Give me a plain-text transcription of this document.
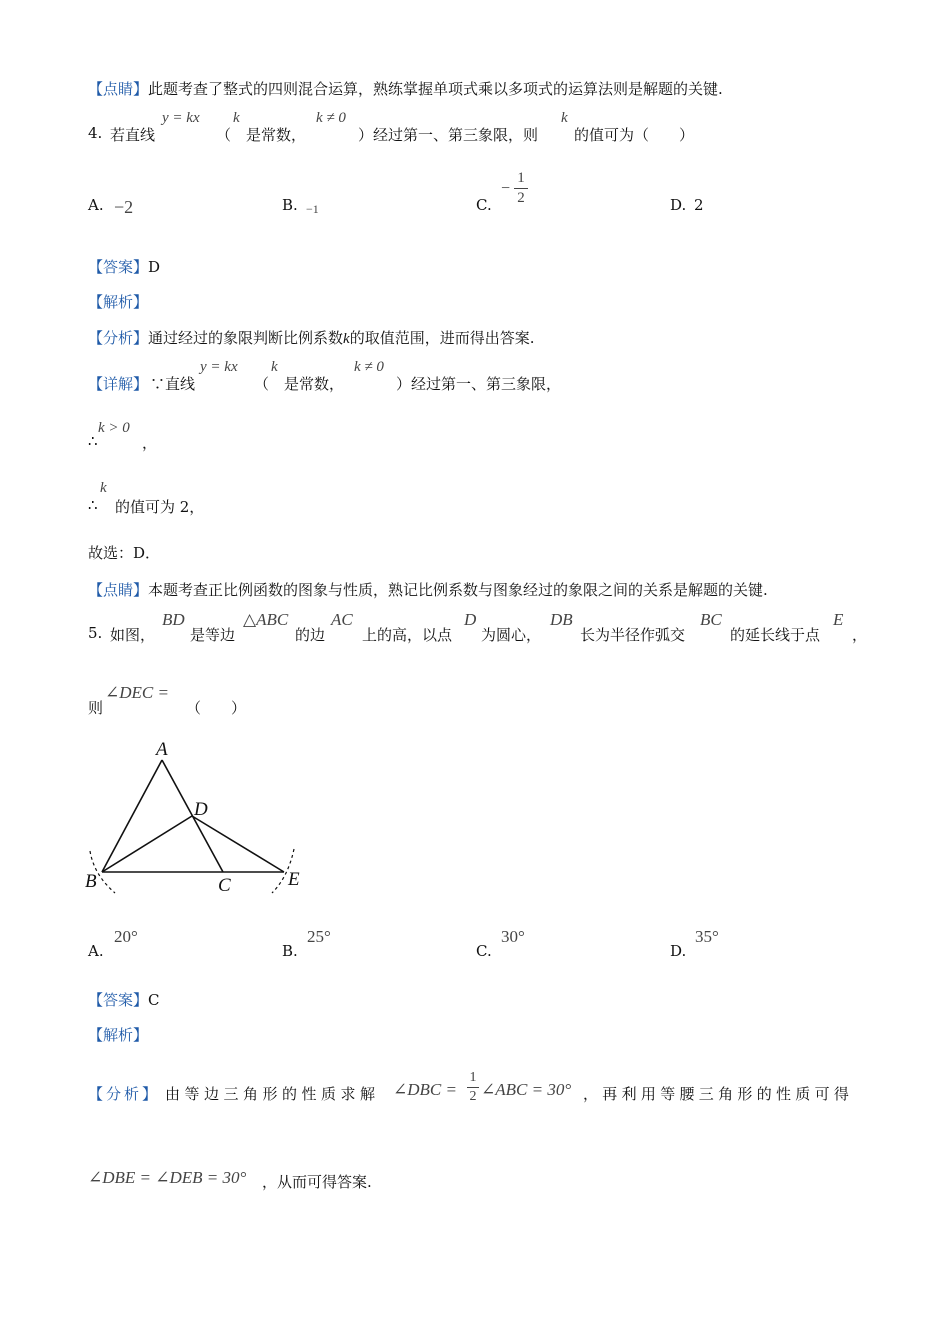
【点睛】此题考查了整式的四则混合运算，熟练掌握单项式乘以多项式的运算法则是解题的关键.
4. 若直线
y = kx
（
k
是常数，
k ≠ 0
）经过第一、第三象限，则
k
的值可为（　　）
A. −2	B. −1	C.
−
1
2	D. 2
【答案】D
【解析】
【分析】通过经过的象限判断比例系数k的取值范围，进而得出答案.
【详解】 ∵直线
y = kx
（
k
是常数，
k ≠ 0
）经过第一、第三象限，
∴
k > 0
，
∴
k
的值可为 2，
故选：D．
【点睛】本题考查正比例函数的图象与性质，熟记比例系数与图象经过的象限之间的关系是解题的关键.
5. 如图，
BD
是等边
△ABC
的边
AC
上的高，以点
D
为圆心，
DB
长为半径作弧交
BC
的延长线于点
E
，
则
∠DEC =
（　　）
A
D
B	C	E
A.
20°
B.
25°
C.
30°
D.
35°
【答案】C
【解析】
【分析】 由等边三角形的性质求解 ∠DBC =
1
2 ∠ABC = 30° ，再利用等腰三角形的性质可得
∠DBE = ∠DEB = 30° ，从而可得答案.
